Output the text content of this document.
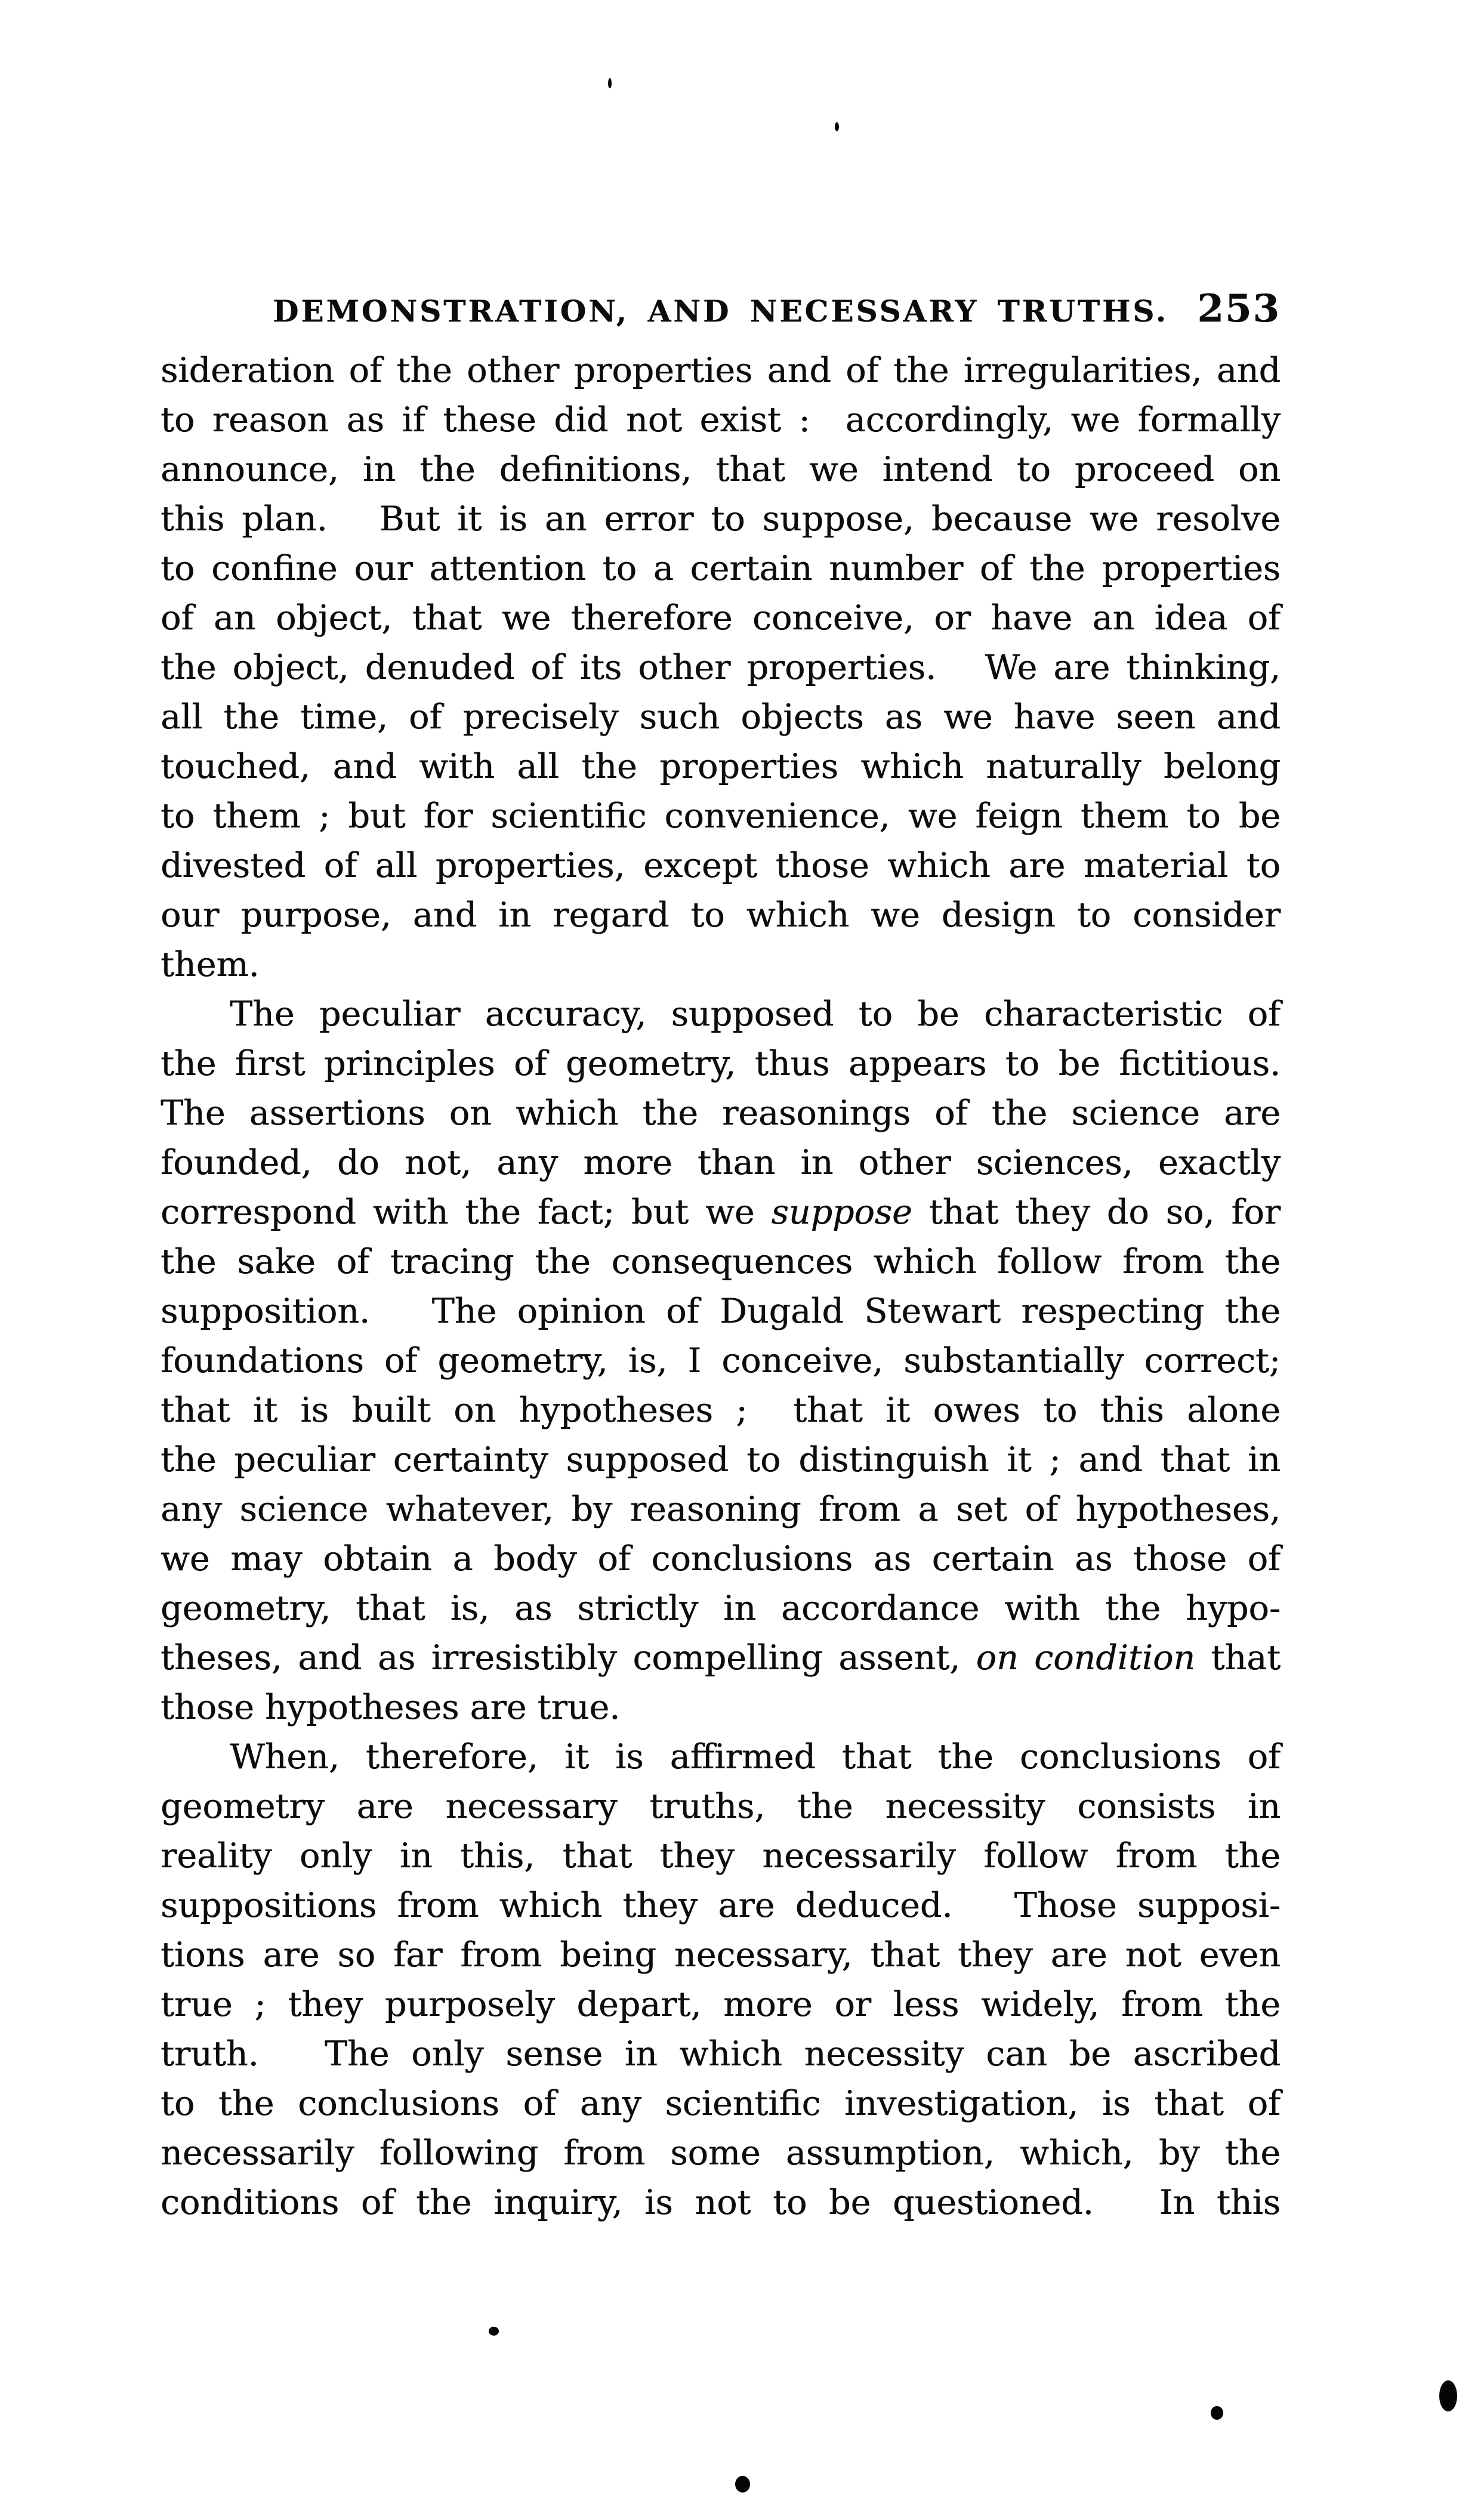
DEMONSTRATION, AND NECESSARY TRUTHS. 253
sideration of the other properties and of the irregularities, and
to reason as if these did not exist :  accordingly, we formally
announce, in the definitions, that we intend to proceed on
this plan.   But it is an error to suppose, because we resolve
to confine our attention to a certain number of the properties
of an object, that we therefore conceive, or have an idea of
the object, denuded of its other properties.   We are thinking,
all the time, of precisely such objects as we have seen and
touched, and with all the properties which naturally belong
to them ; but for scientific convenience, we feign them to be
divested of all properties, except those which are material to
our purpose, and in regard to which we design to consider
them.
The peculiar accuracy, supposed to be characteristic of
the first principles of geometry, thus appears to be fictitious.
The assertions on which the reasonings of the science are
founded, do not, any more than in other sciences, exactly
correspond with the fact; but we suppose that they do so, for
the sake of tracing the consequences which follow from the
supposition.   The opinion of Dugald Stewart respecting the
foundations of geometry, is, I conceive, substantially correct;
that it is built on hypotheses ;  that it owes to this alone
the peculiar certainty supposed to distinguish it ; and that in
any science whatever, by reasoning from a set of hypotheses,
we may obtain a body of conclusions as certain as those of
geometry, that is, as strictly in accordance with the hypo-
theses, and as irresistibly compelling assent, on condition that
those hypotheses are true.
When, therefore, it is affirmed that the conclusions of
geometry are necessary truths, the necessity consists in
reality only in this, that they necessarily follow from the
suppositions from which they are deduced.   Those supposi-
tions are so far from being necessary, that they are not even
true ; they purposely depart, more or less widely, from the
truth.   The only sense in which necessity can be ascribed
to the conclusions of any scientific investigation, is that of
necessarily following from some assumption, which, by the
conditions of the inquiry, is not to be questioned.   In this
